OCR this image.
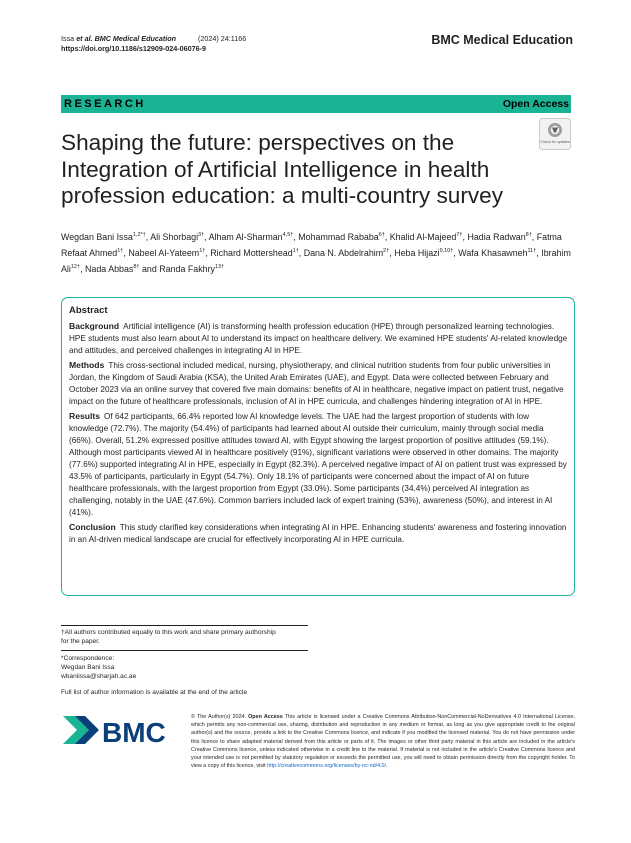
Issa et al. BMC Medical Education	(2024) 24:1166
https://doi.org/10.1186/s12909-024-06076-9
BMC Medical Education
RESEARCH	Open Access
Check for updates
Shaping the future: perspectives on the Integration of Artificial Intelligence in health profession education: a multi-country survey
Wegdan Bani Issa$^{1,2*\dagger}$, Ali Shorbagi$^{3\dagger}$, Alham Al-Sharman$^{4,5\dagger}$, Mohammad Rababa$^{6\dagger}$, Khalid Al-Majeed$^{7\dagger}$, Hadia Radwan$^{8\dagger}$, Fatma Refaat Ahmed$^{1\dagger}$, Nabeel Al-Yateem$^{1\dagger}$, Richard Mottershead$^{1\dagger}$, Dana N. Abdelrahim$^{2\dagger}$, Heba Hijazi$^{9,10\dagger}$, Wafa Khasawneh$^{11\dagger}$, Ibrahim Ali$^{12\dagger}$, Nada Abbas$^{8\dagger}$ and Randa Fakhry$^{13\dagger}$
Abstract

Background Artificial intelligence (AI) is transforming health profession education (HPE) through personalized learning technologies. HPE students must also learn about AI to understand its impact on healthcare delivery. We examined HPE students' AI-related knowledge and attitudes, and perceived challenges in integrating AI in HPE.

Methods This cross-sectional included medical, nursing, physiotherapy, and clinical nutrition students from four public universities in Jordan, the Kingdom of Saudi Arabia (KSA), the United Arab Emirates (UAE), and Egypt. Data were collected between February and October 2023 via an online survey that covered five main domains: benefits of AI in healthcare, negative impact on patient trust, negative impact on the future of healthcare professionals, inclusion of AI in HPE curricula, and challenges hindering integration of AI in HPE.

Results Of 642 participants, 66.4% reported low AI knowledge levels. The UAE had the largest proportion of students with low knowledge (72.7%). The majority (54.4%) of participants had learned about AI outside their curriculum, mainly through social media (66%). Overall, 51.2% expressed positive attitudes toward AI, with Egypt showing the largest proportion of positive attitudes (59.1%). Although most participants viewed AI in healthcare positively (91%), significant variations were observed in other domains. The majority (77.6%) supported integrating AI in HPE, especially in Egypt (82.3%). A perceived negative impact of AI on patient trust was expressed by 43.5% of participants, particularly in Egypt (54.7%). Only 18.1% of participants were concerned about the impact of AI on future healthcare professionals, with the largest proportion from Egypt (33.0%). Some participants (34.4%) perceived AI integration as challenging, notably in the UAE (47.6%). Common barriers included lack of expert training (53%), awareness (50%), and interest in AI (41%).

Conclusion This study clarified key considerations when integrating AI in HPE. Enhancing students' awareness and fostering innovation in an AI-driven medical landscape are crucial for effectively incorporating AI in HPE curricula.

†All authors contributed equally to this work and share primary authorship for the paper.
*Correspondence:
Wegdan Bani Issa
wbaniissa@sharjah.ac.ae
Full list of author information is available at the end of the article
BMC	© The Author(s) 2024. Open Access This article is licensed under a Creative Commons Attribution-NonCommercial-NoDerivatives 4.0 International License, which permits any non-commercial use, sharing, distribution and reproduction in any medium or format, as long as you give appropriate credit to the original author(s) and the source, provide a link to the Creative Commons licence, and indicate if you modified the licensed material. You do not have permission under this licence to share adapted material derived from this article or parts of it. The images or other third party material in this article are included in the article's Creative Commons licence, unless indicated otherwise in a credit line to the material. If material is not included in the article's Creative Commons licence and your intended use is not permitted by statutory regulation or exceeds the permitted use, you will need to obtain permission directly from the copyright holder. To view a copy of this licence, visit http://creativecommons.org/licenses/by-nc-nd/4.0/.
